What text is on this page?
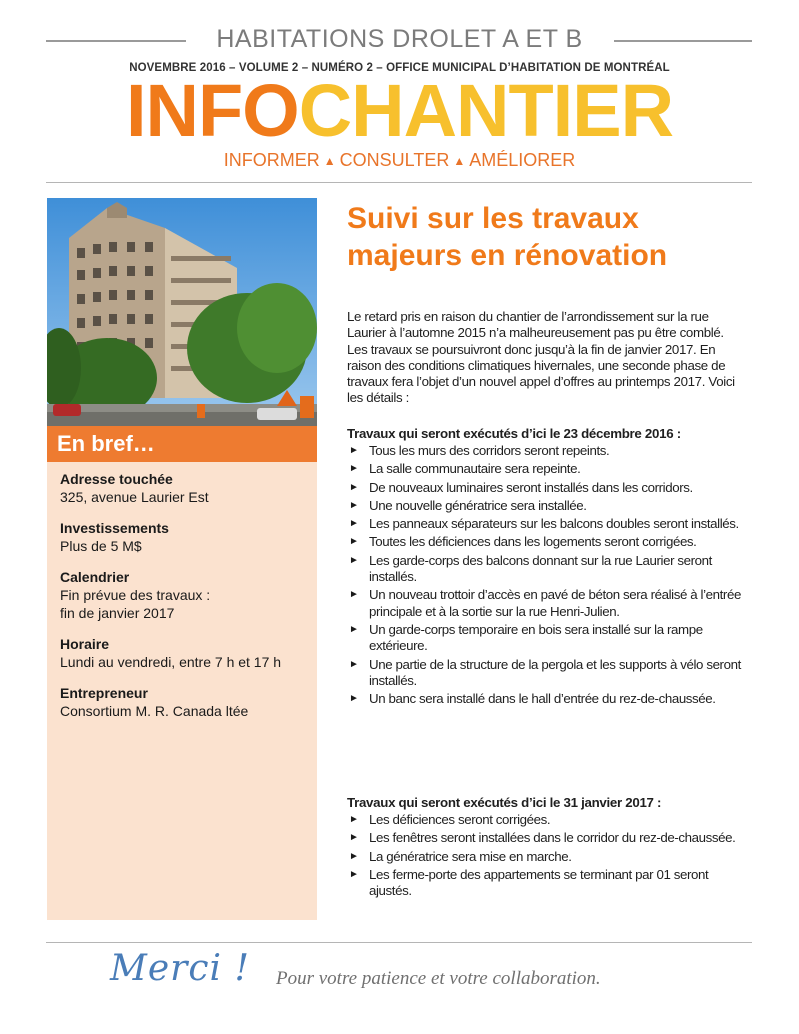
HABITATIONS DROLET A ET B
NOVEMBRE 2016 – VOLUME 2 – NUMÉRO 2 – OFFICE MUNICIPAL D’HABITATION DE MONTRÉAL
INFOCHANTIER
INFORMER ▲ CONSULTER ▲ AMÉLIORER
En bref…
Adresse touchée
325, avenue Laurier Est
Investissements
Plus de 5 M$
Calendrier
Fin prévue des travaux :
fin de janvier 2017
Horaire
Lundi au vendredi, entre 7 h et 17 h
Entrepreneur
Consortium M. R. Canada ltée
Suivi sur les travaux majeurs en rénovation
Le retard pris en raison du chantier de l’arrondissement sur la rue Laurier à l’automne 2015 n’a malheureusement pas pu être comblé. Les travaux se poursuivront donc jusqu’à la fin de janvier 2017. En raison des conditions climatiques hivernales, une seconde phase de travaux fera l’objet d’un nouvel appel d’offres au printemps 2017. Voici les détails :
Travaux qui seront exécutés d’ici le 23 décembre 2016 :
► Tous les murs des corridors seront repeints.
► La salle communautaire sera repeinte.
► De nouveaux luminaires seront installés dans les corridors.
► Une nouvelle génératrice sera installée.
► Les panneaux séparateurs sur les balcons doubles seront installés.
► Toutes les déficiences dans les logements seront corrigées.
► Les garde-corps des balcons donnant sur la rue Laurier seront installés.
► Un nouveau trottoir d’accès en pavé de béton sera réalisé à l’entrée principale et à la sortie sur la rue Henri-Julien.
► Un garde-corps temporaire en bois sera installé sur la rampe extérieure.
► Une partie de la structure de la pergola et les supports à vélo seront installés.
► Un banc sera installé dans le hall d’entrée du rez-de-chaussée.
Travaux qui seront exécutés d’ici le 31 janvier 2017 :
► Les déficiences seront corrigées.
► Les fenêtres seront installées dans le corridor du rez-de-chaussée.
► La génératrice sera mise en marche.
► Les ferme-porte des appartements se terminant par 01 seront ajustés.
Merci ! Pour votre patience et votre collaboration.
